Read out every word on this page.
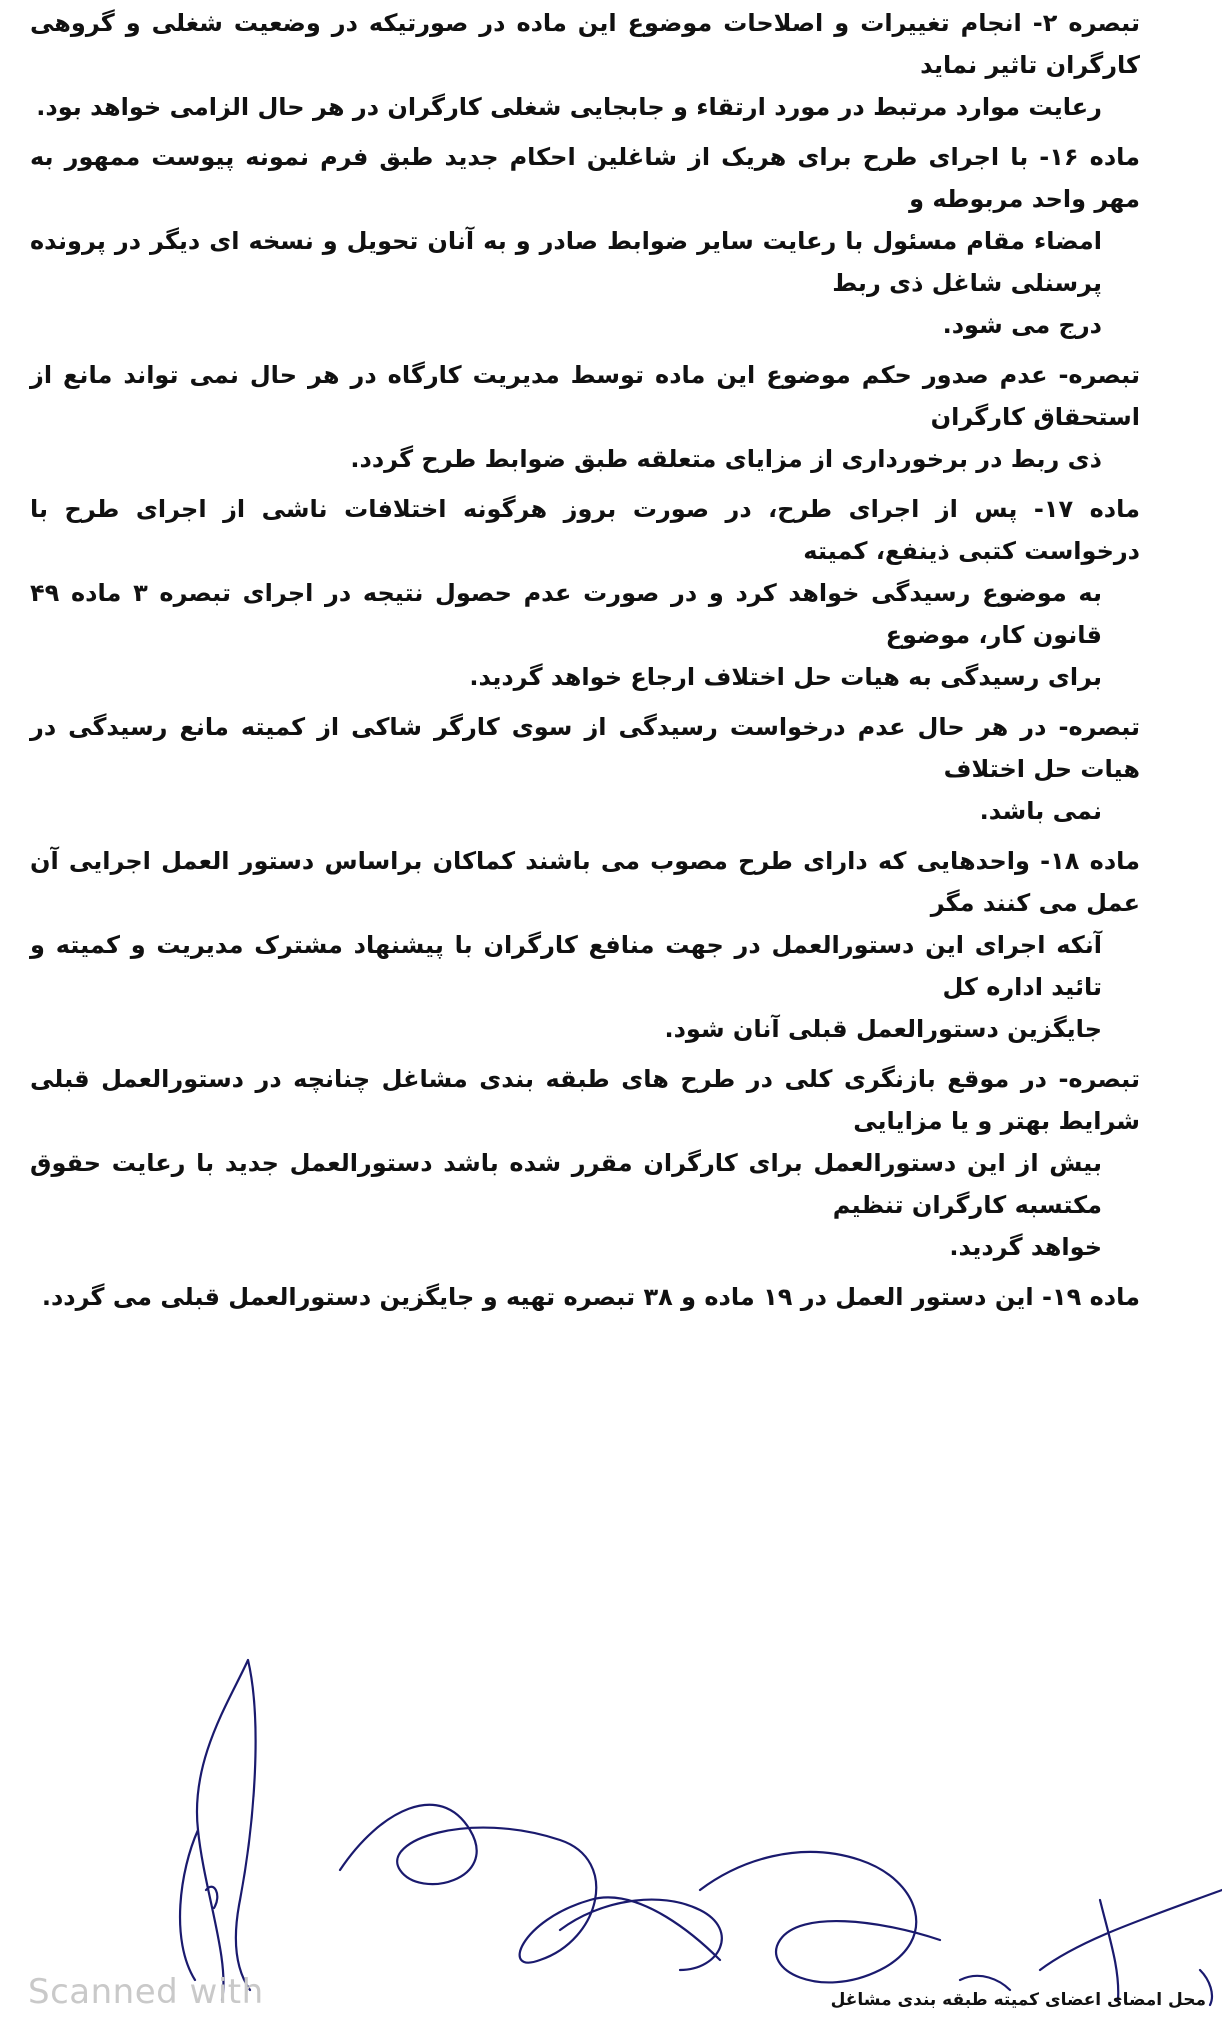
تبصره ۲- انجام تغییرات و اصلاحات موضوع این ماده در صورتیکه در وضعیت شغلی و گروهی کارگران تاثیر نماید
رعایت موارد مرتبط در مورد ارتقاء و جابجایی شغلی کارگران در هر حال الزامی خواهد بود.
ماده ۱۶- با اجرای طرح برای هریک از شاغلین احکام جدید طبق فرم نمونه پیوست ممهور به مهر واحد مربوطه و
امضاء مقام مسئول با رعایت سایر ضوابط صادر و به آنان تحویل و نسخه ای دیگر در پرونده پرسنلی شاغل ذی ربط
درج می شود.
تبصره- عدم صدور حکم موضوع این ماده توسط مدیریت کارگاه در هر حال نمی تواند مانع از استحقاق کارگران
ذی ربط در برخورداری از مزایای متعلقه طبق ضوابط طرح گردد.
ماده ۱۷- پس از اجرای طرح، در صورت بروز هرگونه اختلافات ناشی از اجرای طرح با درخواست کتبی ذینفع، کمیته
به موضوع رسیدگی خواهد کرد و در صورت عدم حصول نتیجه در اجرای تبصره ۳ ماده ۴۹ قانون کار، موضوع
برای رسیدگی به هیات حل اختلاف ارجاع خواهد گردید.
تبصره- در هر حال عدم درخواست رسیدگی از سوی کارگر شاکی از کمیته مانع رسیدگی در هیات حل اختلاف
نمی باشد.
ماده ۱۸- واحدهایی که دارای طرح مصوب می باشند کماکان براساس دستور العمل اجرایی آن عمل می کنند مگر
آنکه اجرای این دستورالعمل در جهت منافع کارگران با پیشنهاد مشترک مدیریت و کمیته و تائید اداره کل
جایگزین دستورالعمل قبلی آنان شود.
تبصره- در موقع بازنگری کلی در طرح های طبقه بندی مشاغل چنانچه در دستورالعمل قبلی شرایط بهتر و یا مزایایی
بیش از این دستورالعمل برای کارگران مقرر شده باشد دستورالعمل جدید با رعایت حقوق مکتسبه کارگران تنظیم
خواهد گردید.
ماده ۱۹- این دستور العمل در ۱۹ ماده و ۳۸ تبصره تهیه و جایگزین دستورالعمل قبلی می گردد.
Scanned with	محل امضای اعضای کمیته طبقه بندی مشاغل
